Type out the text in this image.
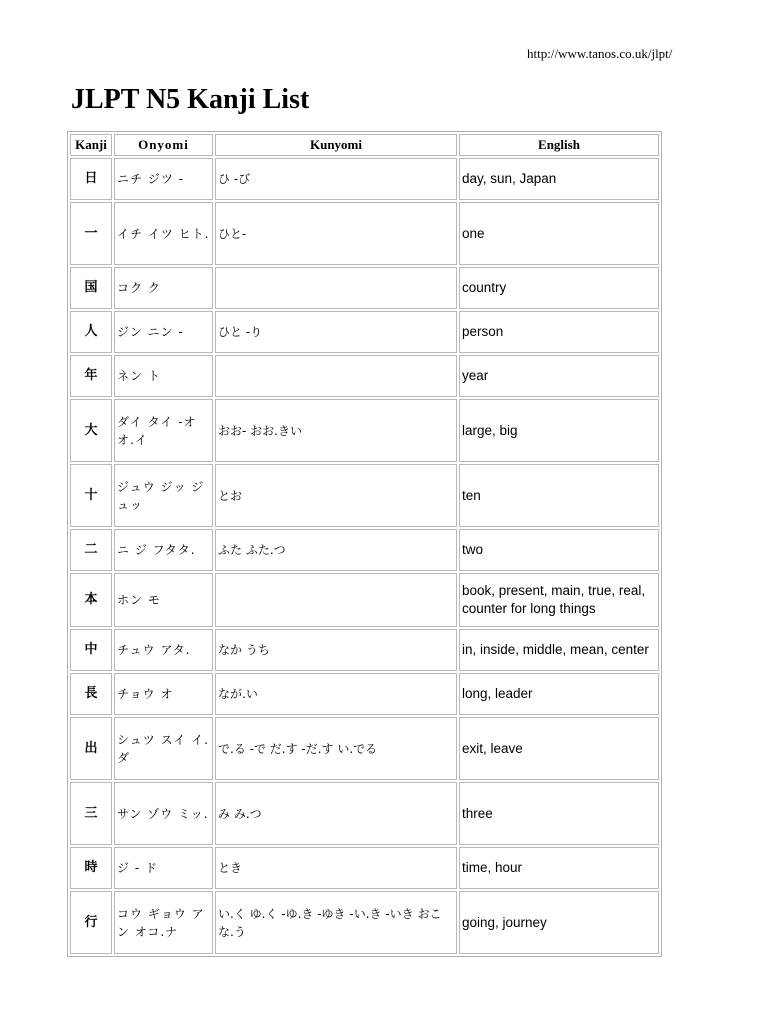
http://www.tanos.co.uk/jlpt/
JLPT N5 Kanji List
Kanji	Onyomi	Kunyomi	English
日	ニチ ジツ -	ひ -び	day, sun, Japan
一	イチ イツ ヒト.	ひと-	one
国	コク ク		country
人	ジン ニン -	ひと -り	person
年	ネン ト		year
大	ダイ タイ -オオ.イ	おお- おお.きい	large, big
十	ジュウ ジッ ジュッ	とお	ten
二	ニ ジ フタタ.	ふた ふた.つ	two
本	ホン モ		book, present, main, true, real, counter for long things
中	チュウ アタ.	なか うち	in, inside, middle, mean, center
長	チョウ オ	なが.い	long, leader
出	シュツ スイ イ.ダ	で.る -で だ.す -だ.す い.でる	exit, leave
三	サン ゾウ ミッ.	み み.つ	three
時	ジ - ド	とき	time, hour
行	コウ ギョウ アン オコ.ナ	い.く ゆ.く -ゆ.き -ゆき -い.き -いき おこな.う	going, journey
